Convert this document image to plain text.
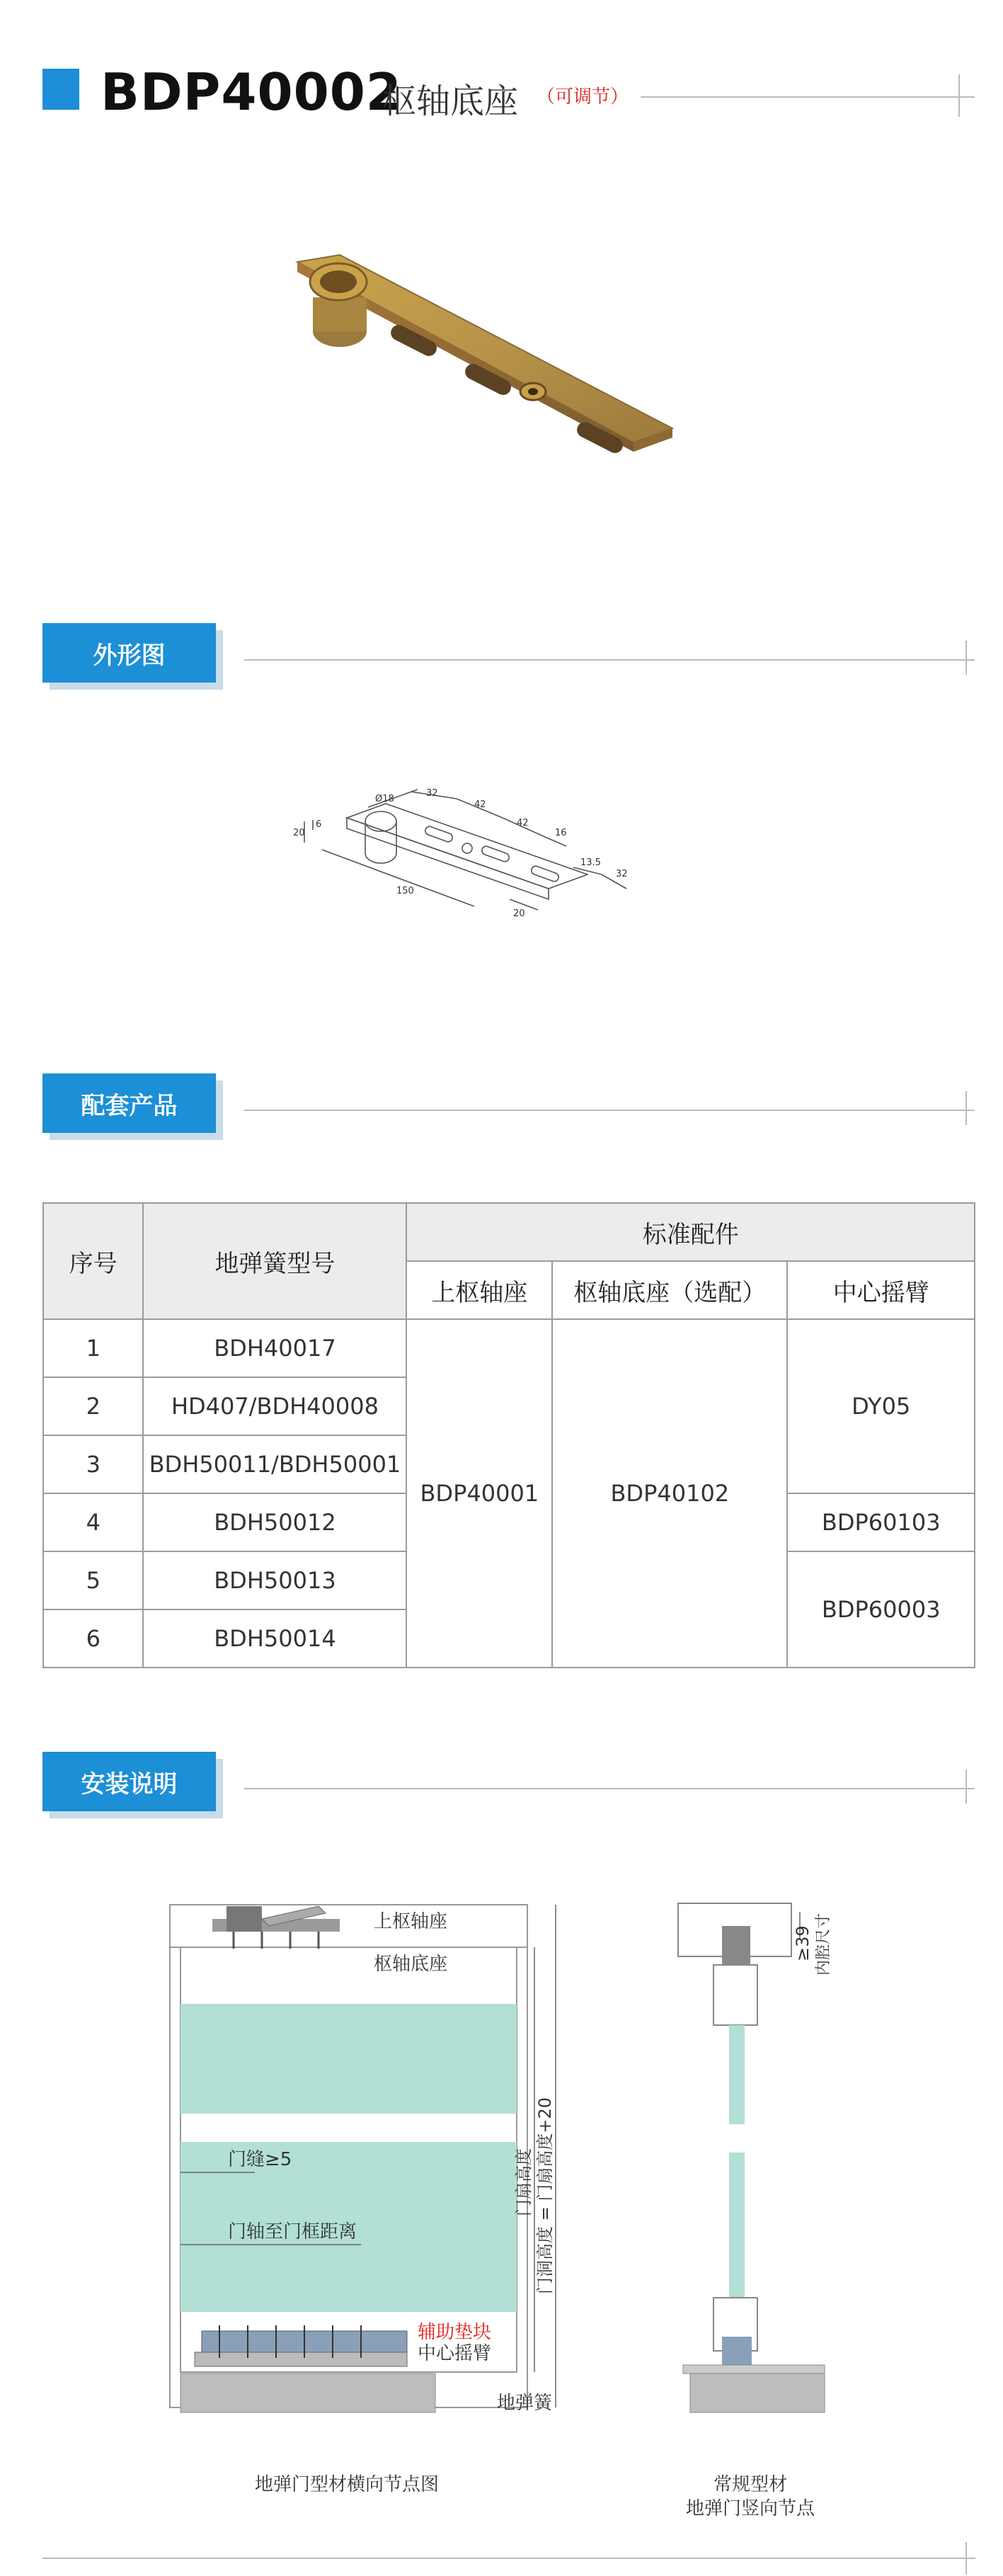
BDP40002
枢轴底座 （可调节）
外形图
Ø18
32
42
42
16
6
20
150
20
13.5
32
配套产品
序号	地弹簧型号	标准配件		
		上枢轴座	枢轴底座（选配）	中心摇臂
1	BDH40017	BDP40001	BDP40102	DY05
2	HD407/BDH40008			
3	BDH50011/BDH50001			
4	BDH50012			BDP60103
5	BDH50013			BDP60003
6	BDH50014			
安装说明
上枢轴座
枢轴底座
门缝≥5
门轴至门框距离
辅助垫块
中心摇臂
地弹簧
门扇高度 门洞高度 = 门扇高度+20
≥39 内腔尺寸
地弹门型材横向节点图	常规型材
地弹门竖向节点
